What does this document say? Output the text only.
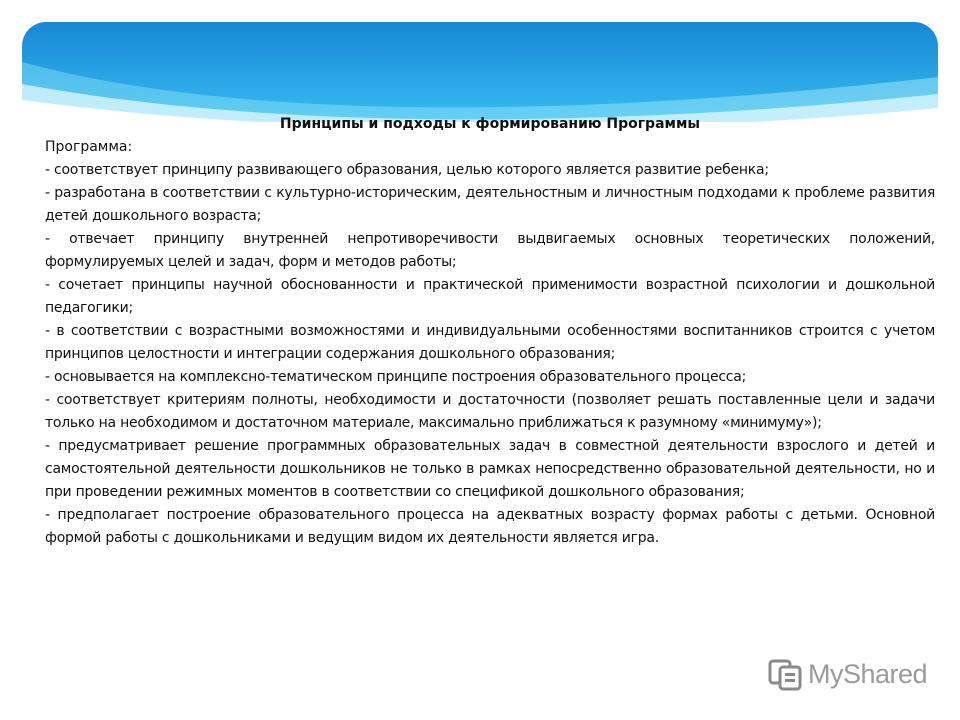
Принципы и подходы к формированию Программы

Программа:

- соответствует принципу развивающего образования, целью которого является развитие ребенка;
- разработана в соответствии с культурно-историческим, деятельностным и личностным подходами к проблеме развития детей дошкольного возраста;
- отвечает принципу внутренней непротиворечивости выдвигаемых основных теоретических положений, формулируемых целей и задач, форм и методов работы;
- сочетает принципы научной обоснованности и практической применимости возрастной психологии и дошкольной педагогики;
- в соответствии с возрастными возможностями и индивидуальными особенностями воспитанников строится с учетом принципов целостности и интеграции содержания дошкольного образования;
- основывается на комплексно-тематическом принципе построения образовательного процесса;
- соответствует критериям полноты, необходимости и достаточности (позволяет решать поставленные цели и задачи только на необходимом и достаточном материале, максимально приближаться к разумному «минимуму»);
- предусматривает решение программных образовательных задач в совместной деятельности взрослого и детей и самостоятельной деятельности дошкольников не только в рамках непосредственно образовательной деятельности, но и при проведении режимных моментов в соответствии со спецификой дошкольного образования;
- предполагает построение образовательного процесса на адекватных возрасту формах работы с детьми. Основной формой работы с дошкольниками и ведущим видом их деятельности является игра.
MyShared
